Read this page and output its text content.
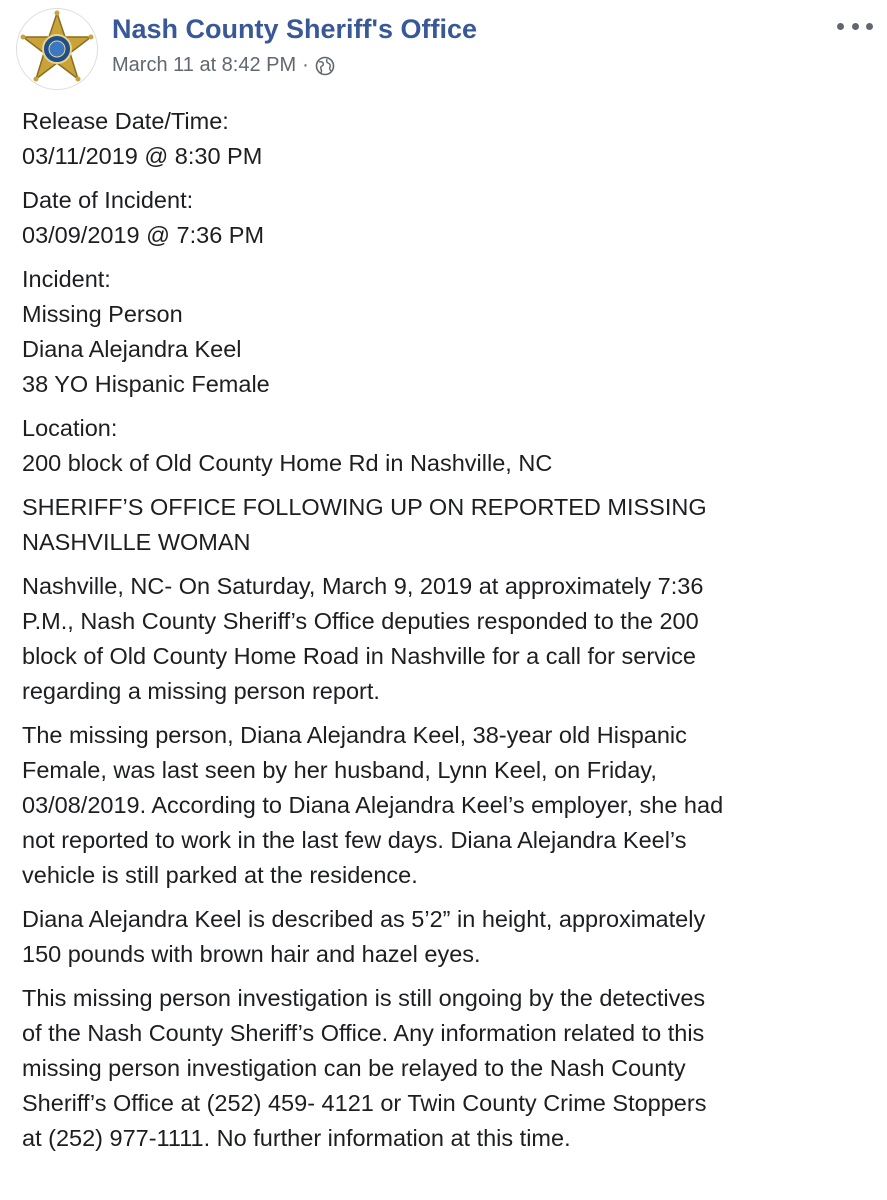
Nash County Sheriff's Office
March 11 at 8:42 PM ·

Release Date/Time:
03/11/2019 @ 8:30 PM

Date of Incident:
03/09/2019 @ 7:36 PM

Incident:
Missing Person
Diana Alejandra Keel
38 YO Hispanic Female

Location:
200 block of Old County Home Rd in Nashville, NC

SHERIFF’S OFFICE FOLLOWING UP ON REPORTED MISSING
NASHVILLE WOMAN

Nashville, NC- On Saturday, March 9, 2019 at approximately 7:36
P.M., Nash County Sheriff’s Office deputies responded to the 200
block of Old County Home Road in Nashville for a call for service
regarding a missing person report.

The missing person, Diana Alejandra Keel, 38-year old Hispanic
Female, was last seen by her husband, Lynn Keel, on Friday,
03/08/2019. According to Diana Alejandra Keel’s employer, she had
not reported to work in the last few days. Diana Alejandra Keel’s
vehicle is still parked at the residence.

Diana Alejandra Keel is described as 5’2” in height, approximately
150 pounds with brown hair and hazel eyes.

This missing person investigation is still ongoing by the detectives
of the Nash County Sheriff’s Office. Any information related to this
missing person investigation can be relayed to the Nash County
Sheriff’s Office at (252) 459- 4121 or Twin County Crime Stoppers
at (252) 977-1111. No further information at this time.
